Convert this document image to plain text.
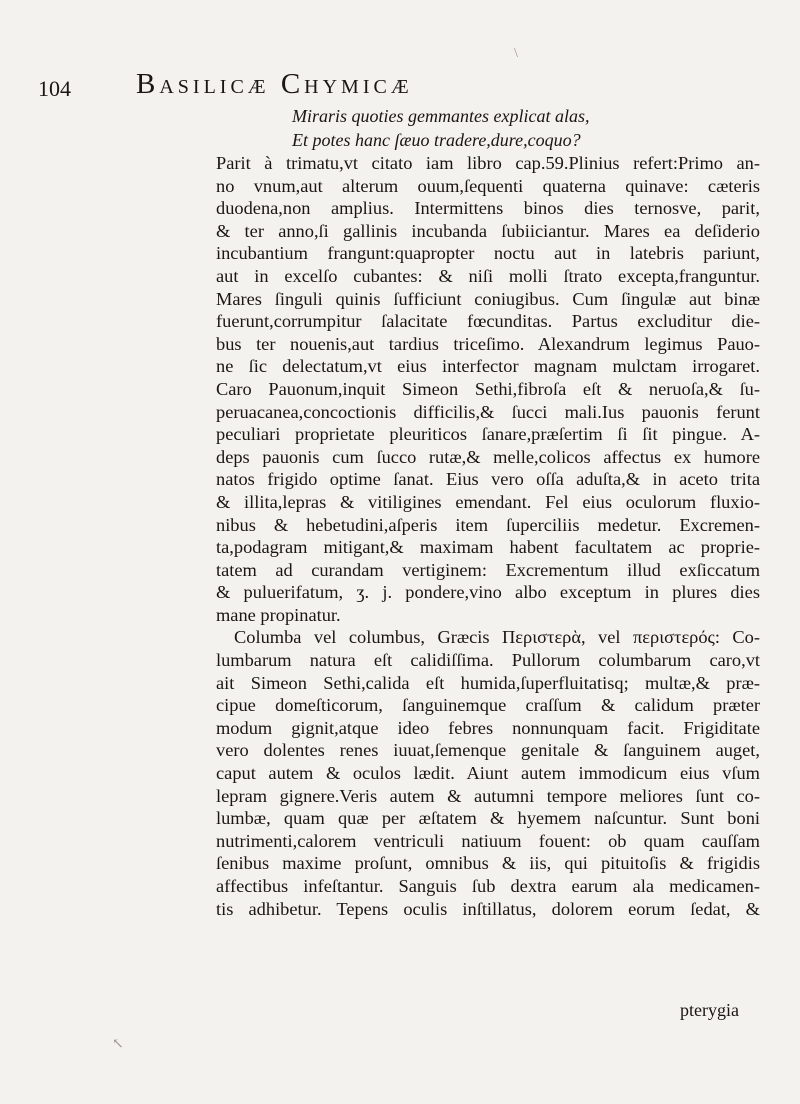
104 Basilicæ Chymicæ
\
Miraris quoties gemmantes explicat alas,
Et potes hanc ſæuo tradere,dure,coquo?
Parit à trimatu,vt citato iam libro cap.59.Plinius refert:Primo an-
no vnum,aut alterum ouum,ſequenti quaterna quinave: cæteris
duodena,non amplius. Intermittens binos dies ternosve, parit,
& ter anno,ſi gallinis incubanda ſubiiciantur. Mares ea deſiderio
incubantium frangunt:quapropter noctu aut in latebris pariunt,
aut in excelſo cubantes: & niſi molli ſtrato excepta,franguntur.
Mares ſinguli quinis ſufficiunt coniugibus. Cum ſingulæ aut binæ
fuerunt,corrumpitur ſalacitate fœcunditas. Partus excluditur die-
bus ter nouenis,aut tardius triceſimo. Alexandrum legimus Pauo-
ne ſic delectatum,vt eius interfector magnam mulctam irrogaret.
Caro Pauonum,inquit Simeon Sethi,fibroſa eſt & neruoſa,& ſu-
peruacanea,concoctionis difficilis,& ſucci mali.Ius pauonis ferunt
peculiari proprietate pleuriticos ſanare,præſertim ſi ſit pingue. A-
deps pauonis cum ſucco rutæ,& melle,colicos affectus ex humore
natos frigido optime ſanat. Eius vero oſſa aduſta,& in aceto trita
& illita,lepras & vitiligines emendant. Fel eius oculorum fluxio-
nibus & hebetudini,aſperis item ſuperciliis medetur. Excremen-
ta,podagram mitigant,& maximam habent facultatem ac proprie-
tatem ad curandam vertiginem: Excrementum illud exſiccatum
& puluerifatum, ʒ. j. pondere,vino albo exceptum in plures dies
mane propinatur.
Columba vel columbus, Græcis Περιστερὰ, vel περιστερός: Co-
lumbarum natura eſt calidiſſima. Pullorum columbarum caro,vt
ait Simeon Sethi,calida eſt humida,ſuperfluitatisq; multæ,& præ-
cipue domeſticorum, ſanguinemque craſſum & calidum præter
modum gignit,atque ideo febres nonnunquam facit. Frigiditate
vero dolentes renes iuuat,ſemenque genitale & ſanguinem auget,
caput autem & oculos lædit. Aiunt autem immodicum eius vſum
lepram gignere.Veris autem & autumni tempore meliores ſunt co-
lumbæ, quam quæ per æſtatem & hyemem naſcuntur. Sunt boni
nutrimenti,calorem ventriculi natiuum fouent: ob quam cauſſam
ſenibus maxime proſunt, omnibus & iis, qui pituitoſis & frigidis
affectibus infeſtantur. Sanguis ſub dextra earum ala medicamen-
tis adhibetur. Tepens oculis inſtillatus, dolorem eorum ſedat, &
pterygia
↖
